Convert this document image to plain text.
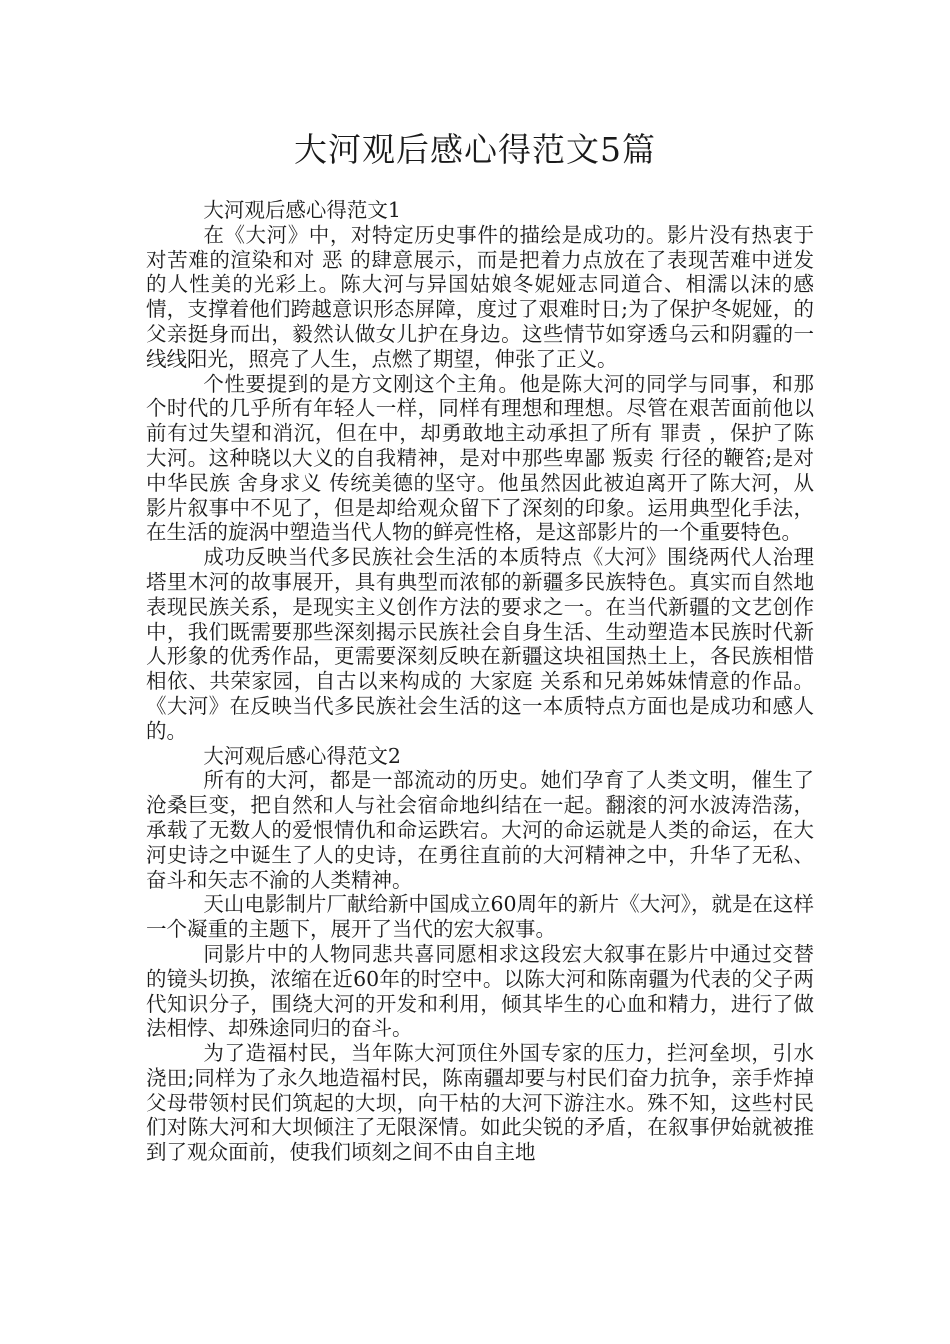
大河观后感心得范文5篇

大河观后感心得范文1

在《大河》中，对特定历史事件的描绘是成功的。影片没有热衷于对苦难的渲染和对 恶 的肆意展示，而是把着力点放在了表现苦难中迸发的人性美的光彩上。陈大河与异国姑娘冬妮娅志同道合、相濡以沫的感情，支撑着他们跨越意识形态屏障，度过了艰难时日;为了保护冬妮娅，的父亲挺身而出，毅然认做女儿护在身边。这些情节如穿透乌云和阴霾的一线线阳光，照亮了人生，点燃了期望，伸张了正义。

个性要提到的是方文刚这个主角。他是陈大河的同学与同事，和那个时代的几乎所有年轻人一样，同样有理想和理想。尽管在艰苦面前他以前有过失望和消沉，但在中，却勇敢地主动承担了所有 罪责 ，保护了陈大河。这种晓以大义的自我精神，是对中那些卑鄙 叛卖 行径的鞭笞;是对中华民族 舍身求义 传统美德的坚守。他虽然因此被迫离开了陈大河，从影片叙事中不见了，但是却给观众留下了深刻的印象。运用典型化手法，在生活的旋涡中塑造当代人物的鲜亮性格，是这部影片的一个重要特色。

成功反映当代多民族社会生活的本质特点《大河》围绕两代人治理塔里木河的故事展开，具有典型而浓郁的新疆多民族特色。真实而自然地表现民族关系，是现实主义创作方法的要求之一。在当代新疆的文艺创作中，我们既需要那些深刻揭示民族社会自身生活、生动塑造本民族时代新人形象的优秀作品，更需要深刻反映在新疆这块祖国热土上，各民族相惜相依、共荣家园，自古以来构成的 大家庭 关系和兄弟姊妹情意的作品。《大河》在反映当代多民族社会生活的这一本质特点方面也是成功和感人的。

大河观后感心得范文2

所有的大河，都是一部流动的历史。她们孕育了人类文明，催生了沧桑巨变，把自然和人与社会宿命地纠结在一起。翻滚的河水波涛浩荡，承载了无数人的爱恨情仇和命运跌宕。大河的命运就是人类的命运，在大河史诗之中诞生了人的史诗，在勇往直前的大河精神之中，升华了无私、奋斗和矢志不渝的人类精神。

天山电影制片厂献给新中国成立60周年的新片《大河》，就是在这样一个凝重的主题下，展开了当代的宏大叙事。

同影片中的人物同悲共喜同愿相求这段宏大叙事在影片中通过交替的镜头切换，浓缩在近60年的时空中。以陈大河和陈南疆为代表的父子两代知识分子，围绕大河的开发和利用，倾其毕生的心血和精力，进行了做法相悖、却殊途同归的奋斗。

为了造福村民，当年陈大河顶住外国专家的压力，拦河垒坝，引水浇田;同样为了永久地造福村民，陈南疆却要与村民们奋力抗争，亲手炸掉父母带领村民们筑起的大坝，向干枯的大河下游注水。殊不知，这些村民们对陈大河和大坝倾注了无限深情。如此尖锐的矛盾，在叙事伊始就被推到了观众面前，使我们顷刻之间不由自主地
